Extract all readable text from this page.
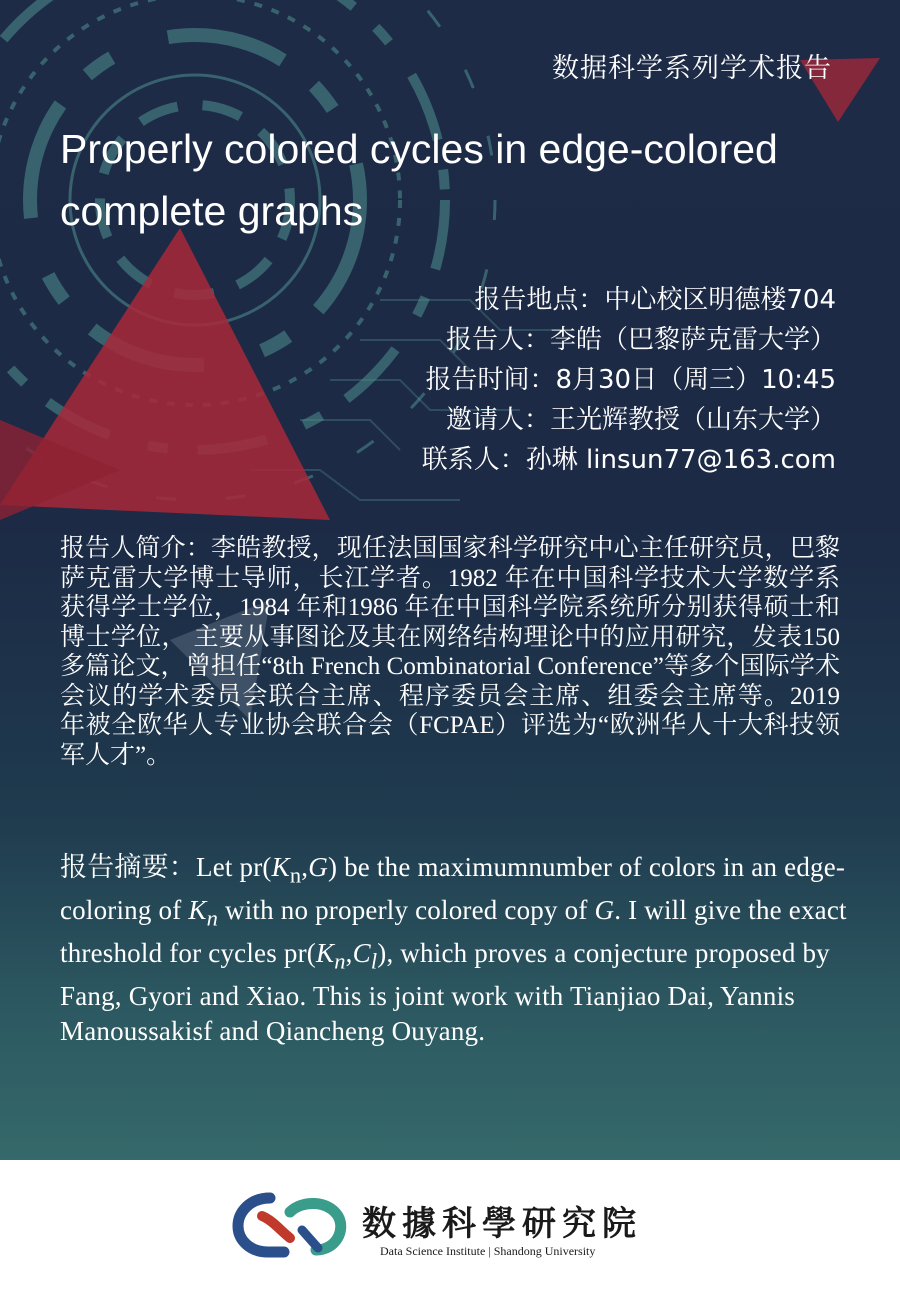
数据科学系列学术报告
Properly colored cycles in edge-colored complete graphs
报告地点：中心校区明德楼704
报告人：李皓（巴黎萨克雷大学）
报告时间：8月30日（周三）10:45
邀请人：王光辉教授（山东大学）
联系人：孙琳 linsun77@163.com
报告人简介：李皓教授，现任法国国家科学研究中心主任研究员，巴黎萨克雷大学博士导师，长江学者。1982 年在中国科学技术大学数学系获得学士学位，1984 年和1986 年在中国科学院系统所分别获得硕士和博士学位， 主要从事图论及其在网络结构理论中的应用研究，发表150 多篇论文，曾担任“8th French Combinatorial Conference”等多个国际学术会议的学术委员会联合主席、程序委员会主席、组委会主席等。2019 年被全欧华人专业协会联合会（FCPAE）评选为“欧洲华人十大科技领军人才”。
报告摘要：Let $pr(K_n,G)$ be the maximumnumber of colors in an edge-coloring of $K_n$ with no properly colored copy of G. I will give the exact threshold for cycles $pr(K_n,C_l)$, which proves a conjecture proposed by Fang, Gyori and Xiao. This is joint work with Tianjiao Dai, Yannis Manoussakisf and Qiancheng Ouyang.
数據科學研究院
Data Science Institute | Shandong University
